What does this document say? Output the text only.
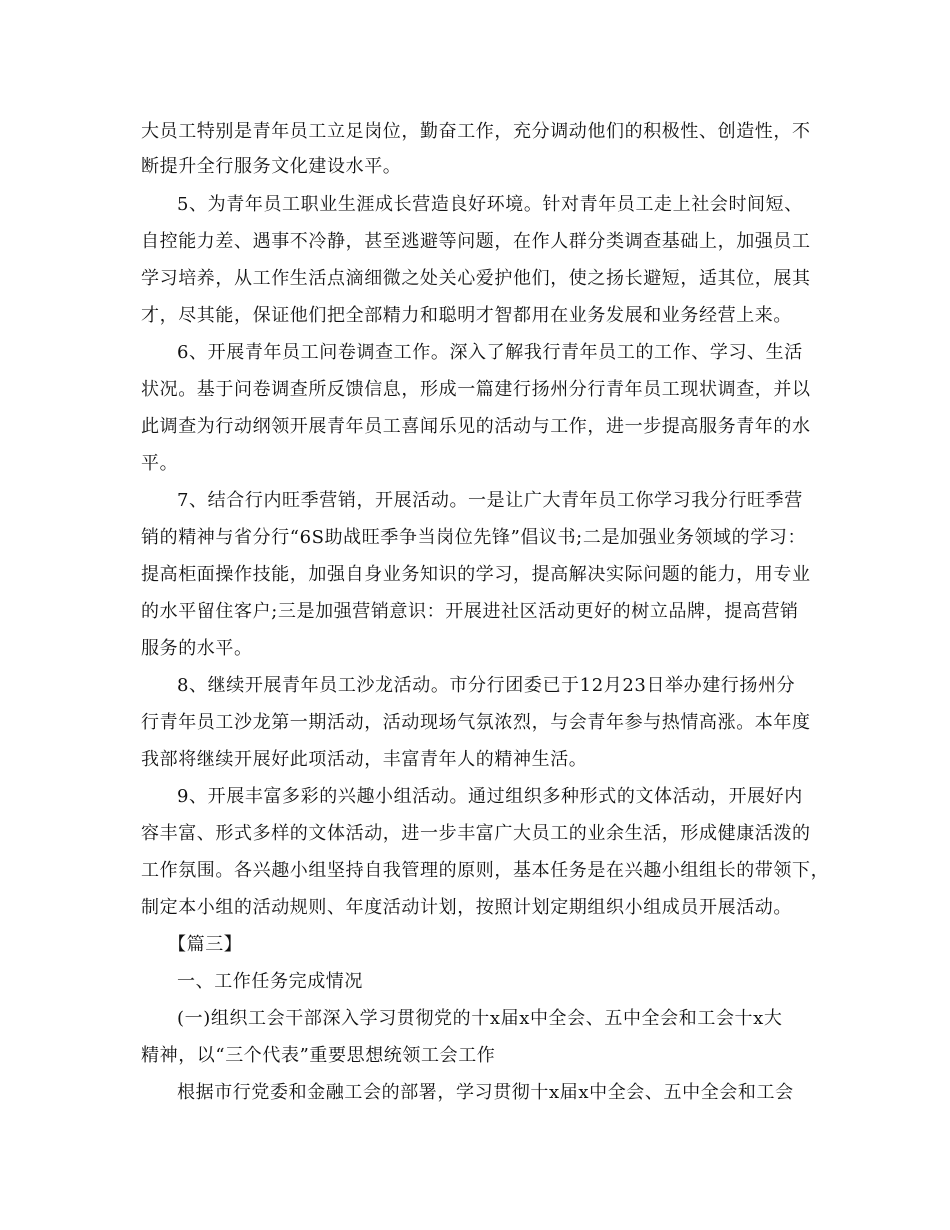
大员工特别是青年员工立足岗位，勤奋工作，充分调动他们的积极性、创造性，不
断提升全行服务文化建设水平。
5、为青年员工职业生涯成长营造良好环境。针对青年员工走上社会时间短、
自控能力差、遇事不冷静，甚至逃避等问题，在作人群分类调查基础上，加强员工
学习培养，从工作生活点滴细微之处关心爱护他们，使之扬长避短，适其位，展其
才，尽其能，保证他们把全部精力和聪明才智都用在业务发展和业务经营上来。
6、开展青年员工问卷调查工作。深入了解我行青年员工的工作、学习、生活
状况。基于问卷调查所反馈信息，形成一篇建行扬州分行青年员工现状调查，并以
此调查为行动纲领开展青年员工喜闻乐见的活动与工作，进一步提高服务青年的水
平。
7、结合行内旺季营销，开展活动。一是让广大青年员工你学习我分行旺季营
销的精神与省分行“6S助战旺季争当岗位先锋”倡议书;二是加强业务领域的学习：
提高柜面操作技能，加强自身业务知识的学习，提高解决实际问题的能力，用专业
的水平留住客户;三是加强营销意识：开展进社区活动更好的树立品牌，提高营销
服务的水平。
8、继续开展青年员工沙龙活动。市分行团委已于12月23日举办建行扬州分
行青年员工沙龙第一期活动，活动现场气氛浓烈，与会青年参与热情高涨。本年度
我部将继续开展好此项活动，丰富青年人的精神生活。
9、开展丰富多彩的兴趣小组活动。通过组织多种形式的文体活动，开展好内
容丰富、形式多样的文体活动，进一步丰富广大员工的业余生活，形成健康活泼的
工作氛围。各兴趣小组坚持自我管理的原则，基本任务是在兴趣小组组长的带领下，
制定本小组的活动规则、年度活动计划，按照计划定期组织小组成员开展活动。
【篇三】
一、工作任务完成情况
(一)组织工会干部深入学习贯彻党的十x届x中全会、五中全会和工会十x大
精神，以“三个代表”重要思想统领工会工作
根据市行党委和金融工会的部署，学习贯彻十x届x中全会、五中全会和工会
